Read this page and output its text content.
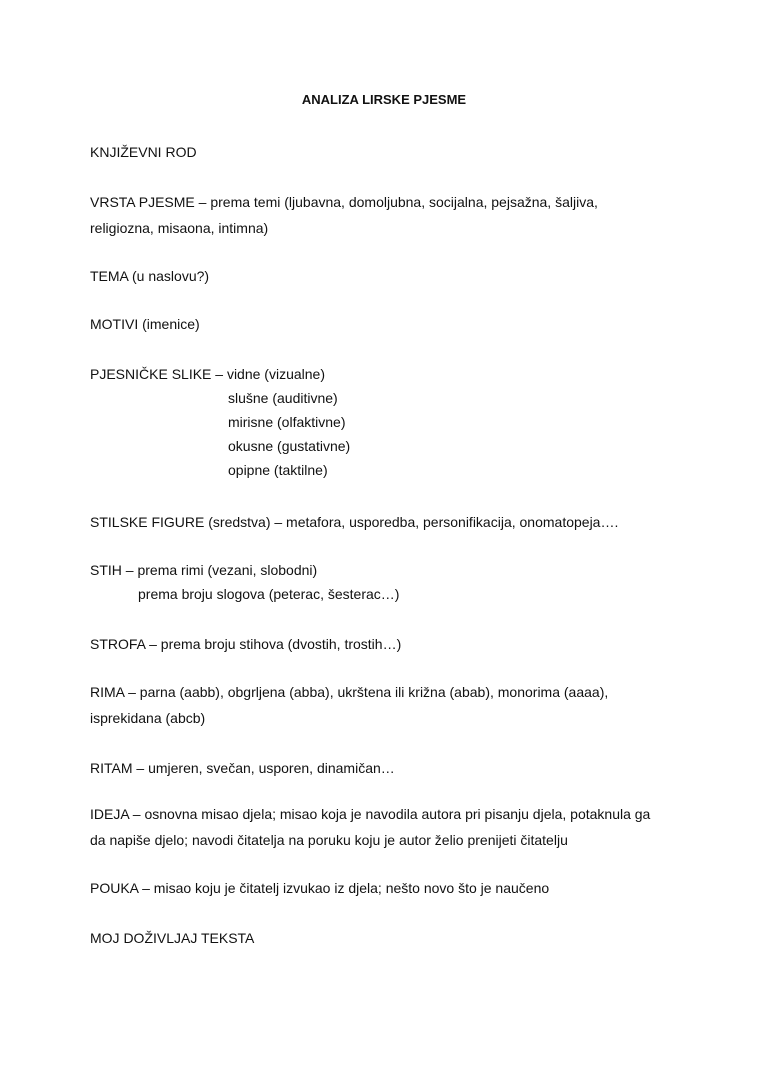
ANALIZA LIRSKE PJESME
KNJIŽEVNI ROD
VRSTA PJESME – prema temi (ljubavna, domoljubna, socijalna, pejsažna, šaljiva,
religiozna, misaona, intimna)
TEMA (u naslovu?)
MOTIVI (imenice)
PJESNIČKE SLIKE – vidne (vizualne)
slušne (auditivne)
mirisne (olfaktivne)
okusne (gustativne)
opipne (taktilne)
STILSKE FIGURE (sredstva) – metafora, usporedba, personifikacija, onomatopeja….
STIH – prema rimi (vezani, slobodni)
prema broju slogova (peterac, šesterac…)
STROFA – prema broju stihova (dvostih, trostih…)
RIMA – parna (aabb), obgrljena (abba), ukrštena ili križna (abab), monorima (aaaa),
isprekidana (abcb)
RITAM – umjeren, svečan, usporen, dinamičan…
IDEJA – osnovna misao djela; misao koja je navodila autora pri pisanju djela, potaknula ga
da napiše djelo; navodi čitatelja na poruku koju je autor želio prenijeti čitatelju
POUKA – misao koju je čitatelj izvukao iz djela; nešto novo što je naučeno
MOJ DOŽIVLJAJ TEKSTA
